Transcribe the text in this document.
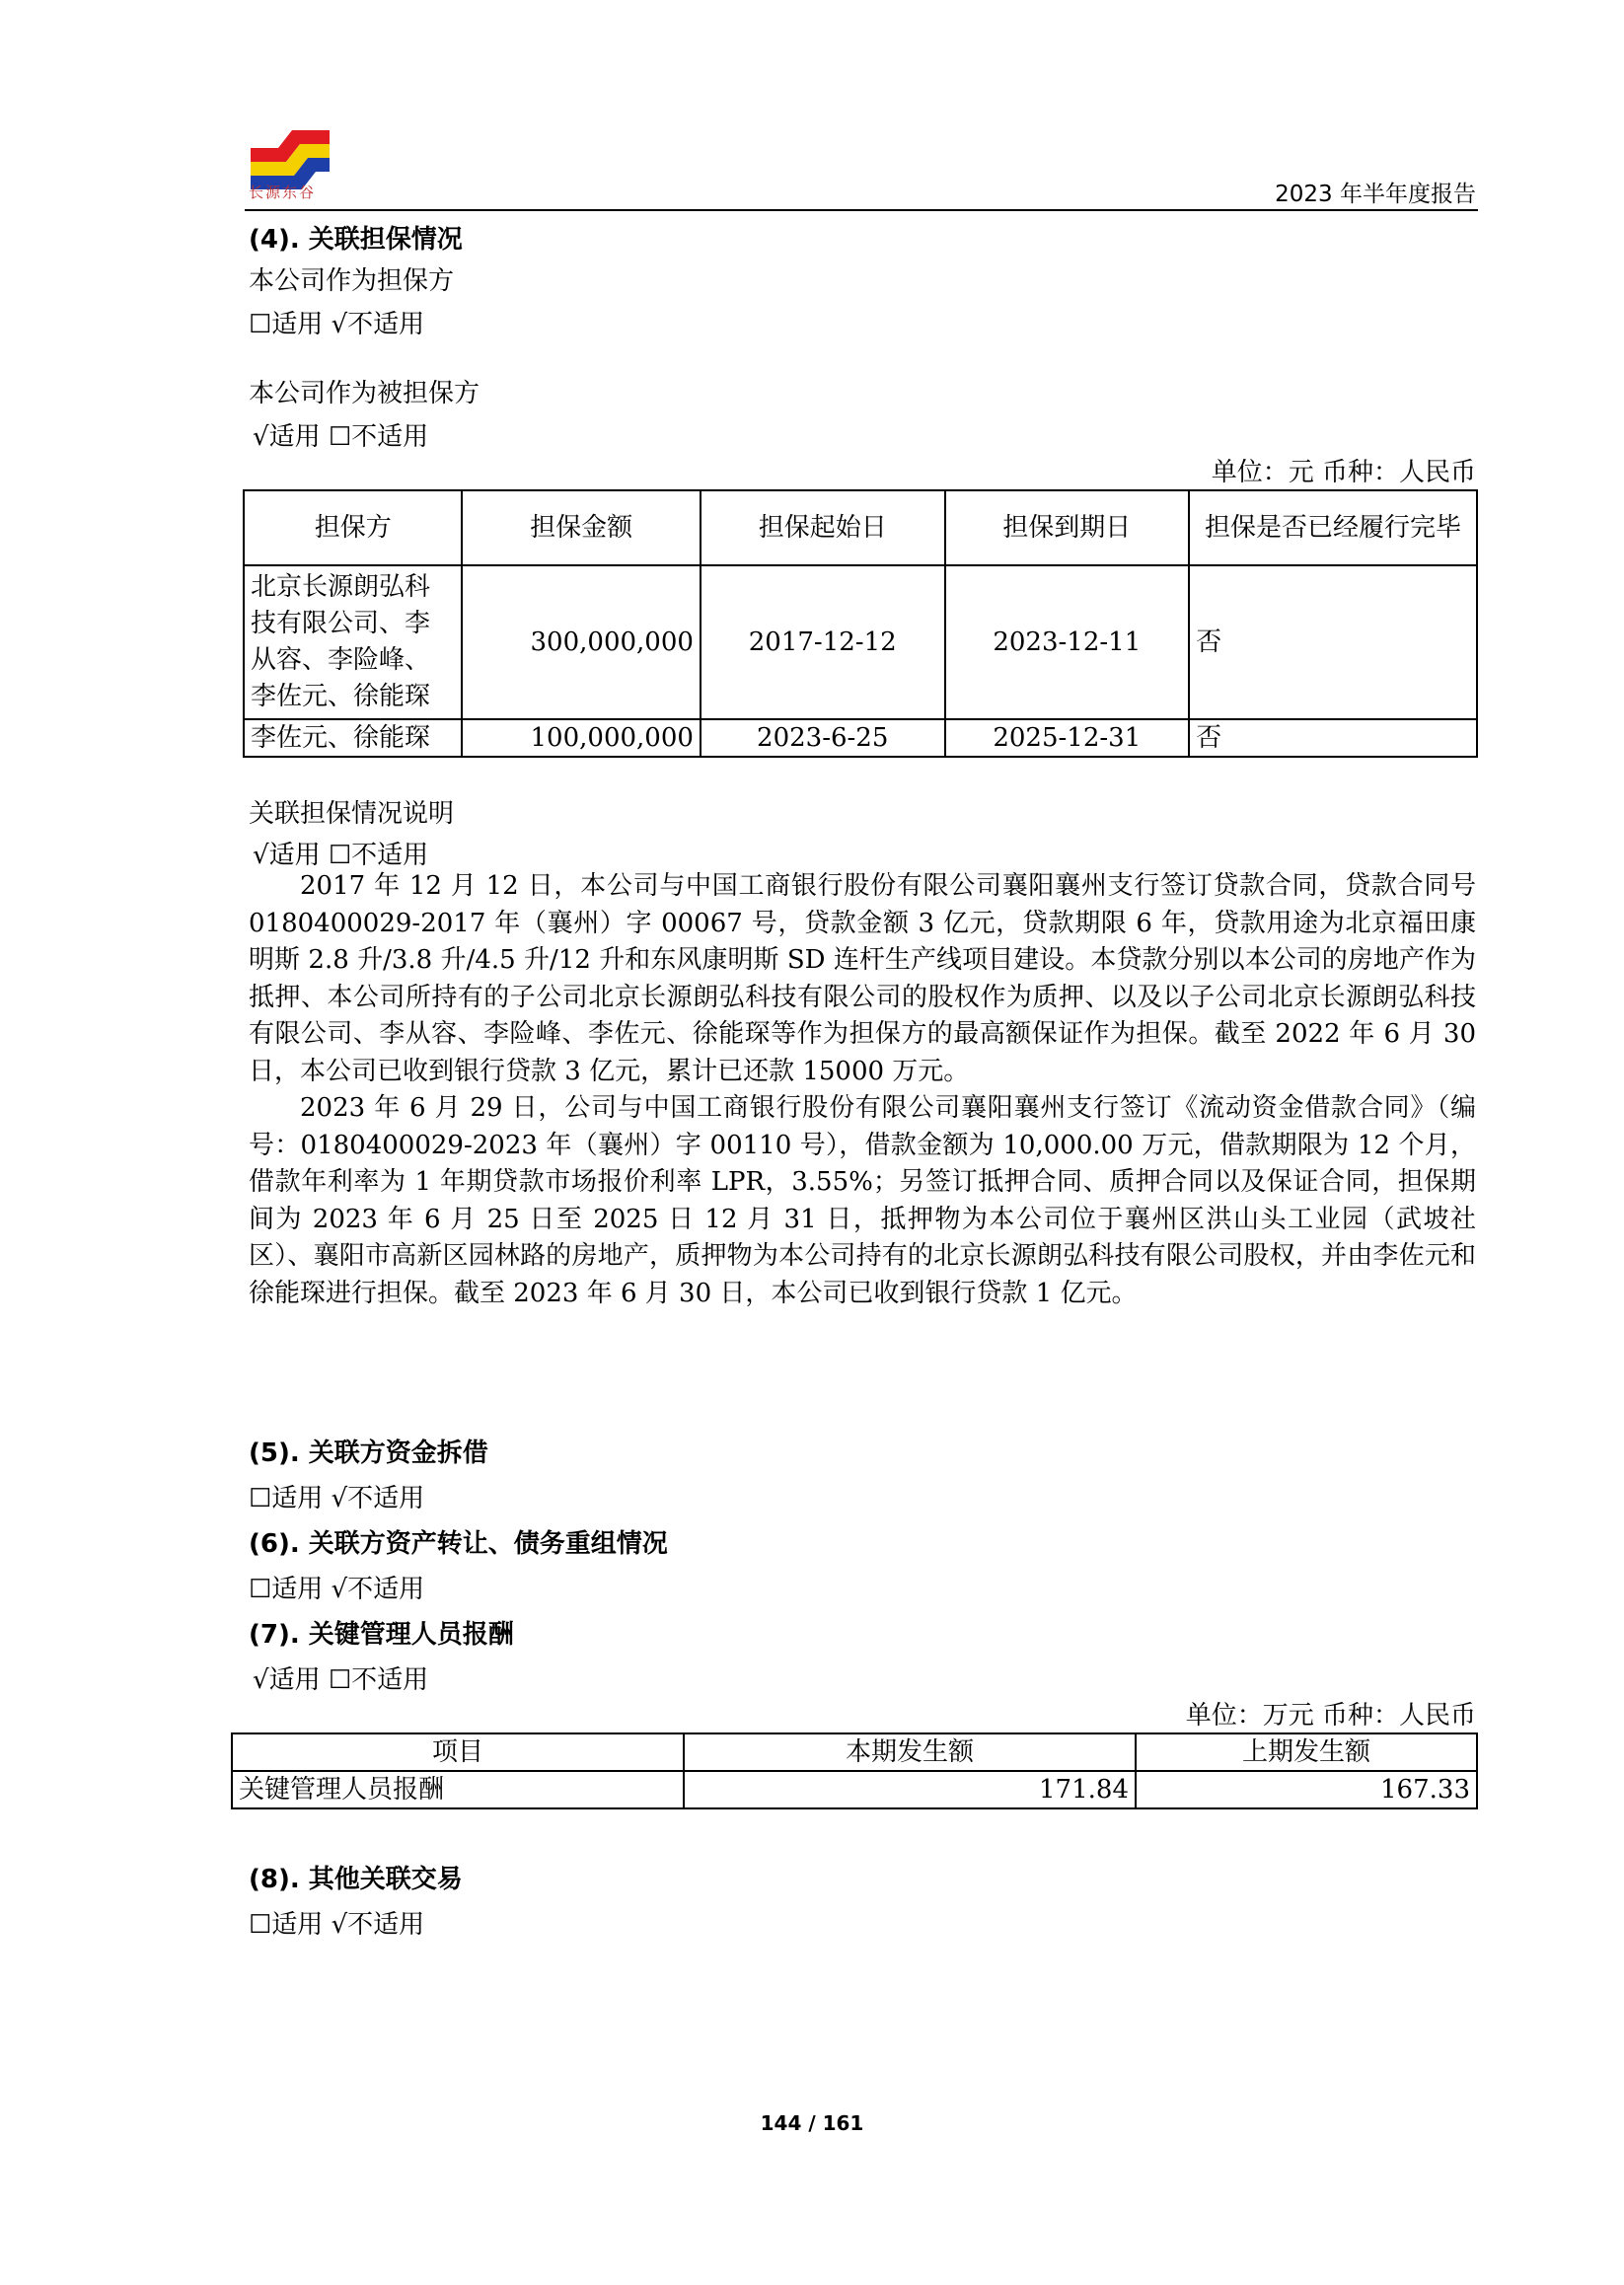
长源东谷	2023 年半年度报告
(4). 关联担保情况
本公司作为担保方
☐适用 √不适用
本公司作为被担保方
√适用 ☐不适用
单位：元 币种：人民币
担保方	担保金额	担保起始日	担保到期日	担保是否已经履行完毕
北京长源朗弘科技有限公司、李从容、李险峰、李佐元、徐能琛	300,000,000	2017-12-12	2023-12-11	否
李佐元、徐能琛	100,000,000	2023-6-25	2025-12-31	否
关联担保情况说明
√适用 ☐不适用

2017 年 12 月 12 日，本公司与中国工商银行股份有限公司襄阳襄州支行签订贷款合同，贷款合同号 0180400029-2017 年（襄州）字 00067 号，贷款金额 3 亿元，贷款期限 6 年，贷款用途为北京福田康明斯 2.8 升/3.8 升/4.5 升/12 升和东风康明斯 SD 连杆生产线项目建设。本贷款分别以本公司的房地产作为抵押、本公司所持有的子公司北京长源朗弘科技有限公司的股权作为质押、以及以子公司北京长源朗弘科技有限公司、李从容、李险峰、李佐元、徐能琛等作为担保方的最高额保证作为担保。截至 2022 年 6 月 30 日，本公司已收到银行贷款 3 亿元，累计已还款 15000 万元。

2023 年 6 月 29 日，公司与中国工商银行股份有限公司襄阳襄州支行签订《流动资金借款合同》（编号：0180400029-2023 年（襄州）字 00110 号），借款金额为 10,000.00 万元，借款期限为 12 个月，借款年利率为 1 年期贷款市场报价利率 LPR，3.55%；另签订抵押合同、质押合同以及保证合同，担保期间为 2023 年 6 月 25 日至 2025 日 12 月 31 日，抵押物为本公司位于襄州区洪山头工业园（武坡社区）、襄阳市高新区园林路的房地产，质押物为本公司持有的北京长源朗弘科技有限公司股权，并由李佐元和徐能琛进行担保。截至 2023 年 6 月 30 日，本公司已收到银行贷款 1 亿元。

(5). 关联方资金拆借
☐适用 √不适用
(6). 关联方资产转让、债务重组情况
☐适用 √不适用
(7). 关键管理人员报酬
√适用 ☐不适用
单位：万元 币种：人民币
项目	本期发生额	上期发生额
关键管理人员报酬	171.84	167.33
(8). 其他关联交易
☐适用 √不适用
144 / 161
